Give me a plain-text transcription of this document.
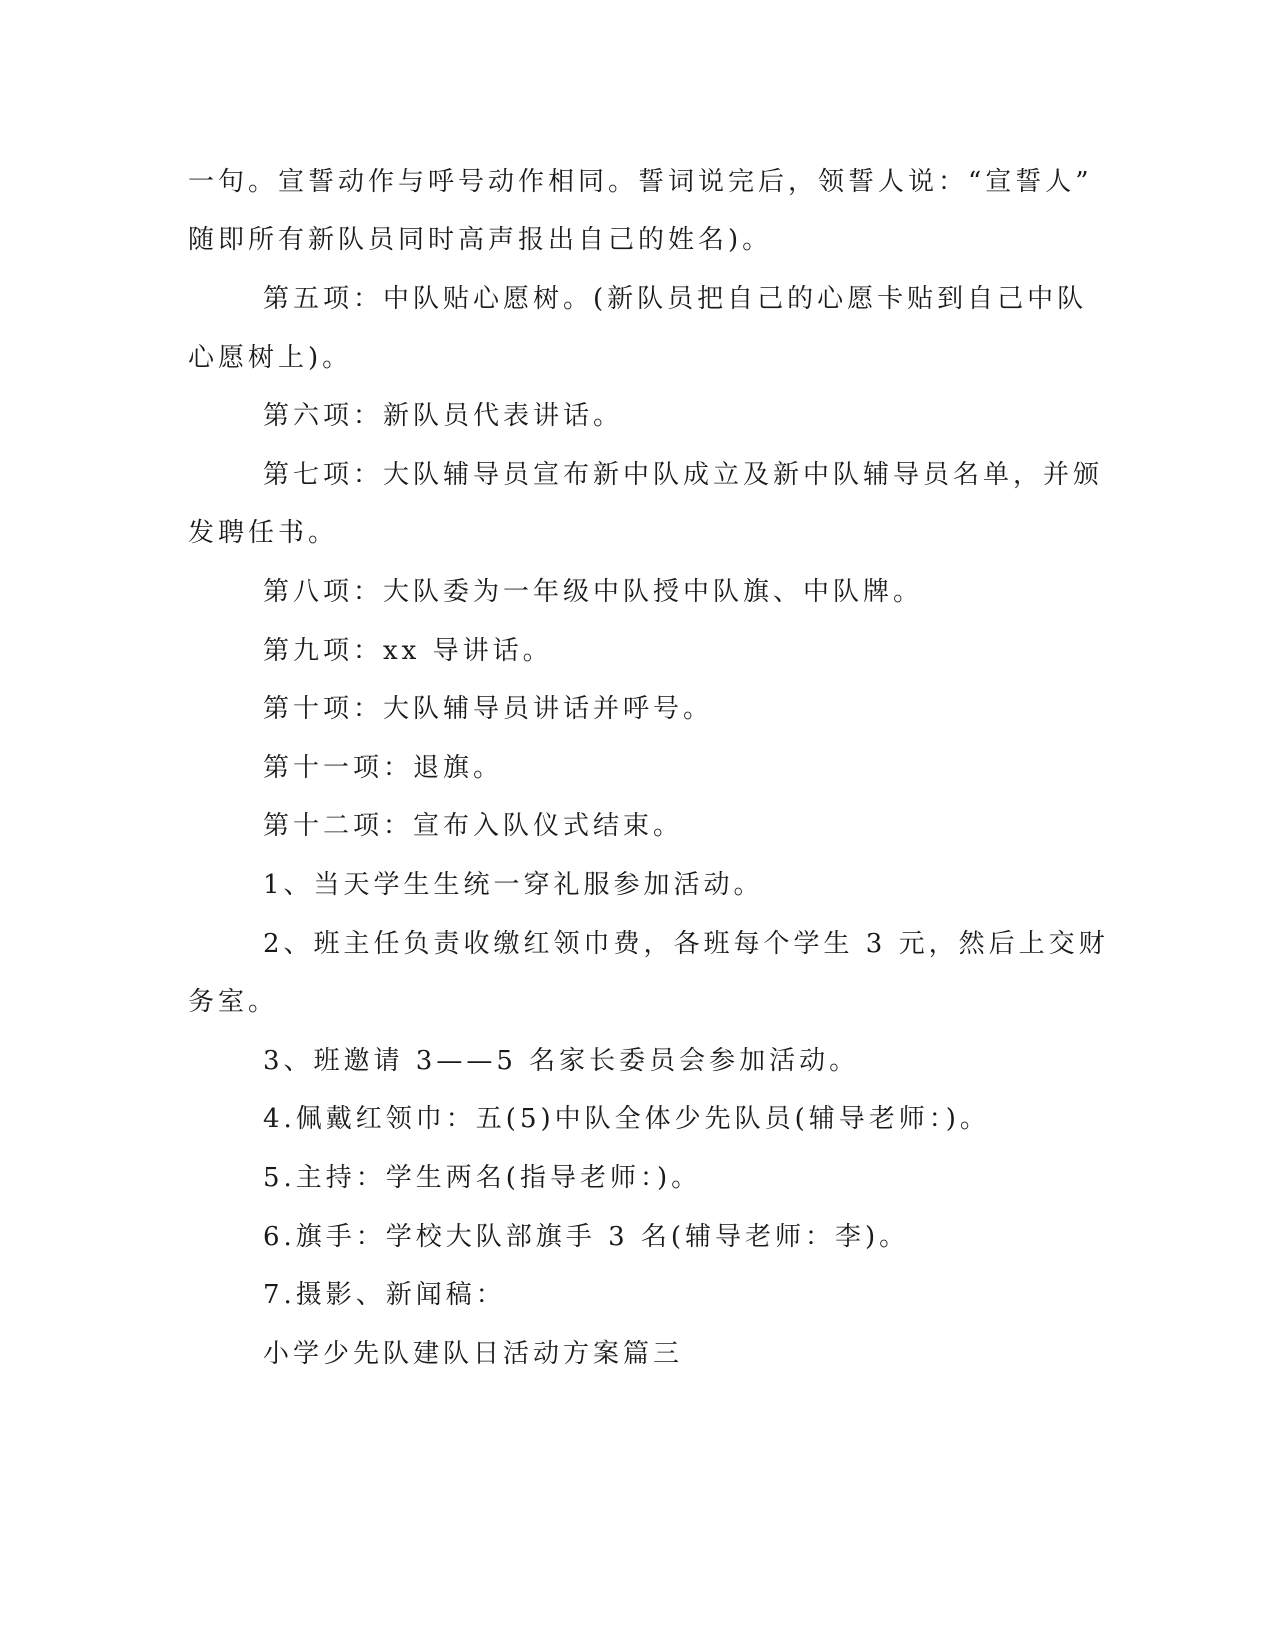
一句。宣誓动作与呼号动作相同。誓词说完后，领誓人说：“宣誓人”
随即所有新队员同时高声报出自己的姓名)。
第五项：中队贴心愿树。(新队员把自己的心愿卡贴到自己中队
心愿树上)。
第六项：新队员代表讲话。
第七项：大队辅导员宣布新中队成立及新中队辅导员名单，并颁
发聘任书。
第八项：大队委为一年级中队授中队旗、中队牌。
第九项：xx 导讲话。
第十项：大队辅导员讲话并呼号。
第十一项：退旗。
第十二项：宣布入队仪式结束。
1、当天学生生统一穿礼服参加活动。
2、班主任负责收缴红领巾费，各班每个学生 3 元，然后上交财
务室。
3、班邀请 3——5 名家长委员会参加活动。
4.佩戴红领巾：五(5)中队全体少先队员(辅导老师：)。
5.主持：学生两名(指导老师：)。
6.旗手：学校大队部旗手 3 名(辅导老师：李)。
7.摄影、新闻稿：
小学少先队建队日活动方案篇三
